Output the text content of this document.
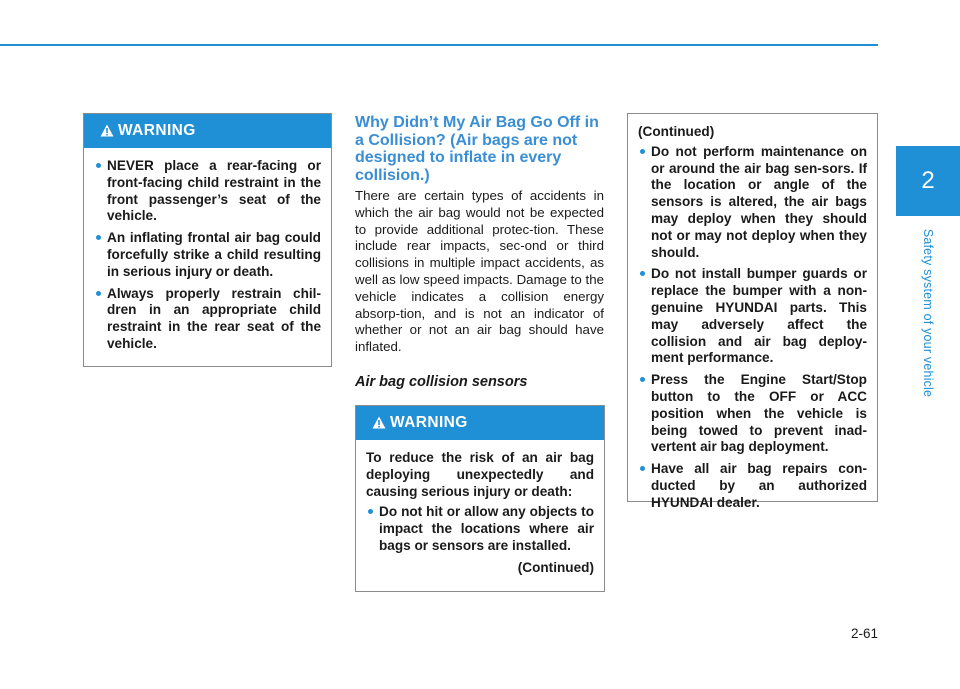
2
Safety system of your vehicle
WARNING
NEVER place a rear-facing or front-facing child restraint in the front passenger’s seat of the vehicle.
An inflating frontal air bag could forcefully strike a child resulting in serious injury or death.
Always properly restrain chil-dren in an appropriate child restraint in the rear seat of the vehicle.
Why Didn’t My Air Bag Go Off in a Collision? (Air bags are not designed to inflate in every collision.)
There are certain types of accidents in which the air bag would not be expected to provide additional protec-tion. These include rear impacts, sec-ond or third collisions in multiple impact accidents, as well as low speed impacts. Damage to the vehicle indicates a collision energy absorp-tion, and is not an indicator of whether or not an air bag should have inflated.
Air bag collision sensors
WARNING
To reduce the risk of an air bag deploying unexpectedly and causing serious injury or death:
Do not hit or allow any objects to impact the locations where air bags or sensors are installed.
(Continued)
(Continued)
Do not perform maintenance on or around the air bag sen-sors. If the location or angle of the sensors is altered, the air bags may deploy when they should not or may not deploy when they should.
Do not install bumper guards or replace the bumper with a non-genuine HYUNDAI parts. This may adversely affect the collision and air bag deploy-ment performance.
Press the Engine Start/Stop button to the OFF or ACC position when the vehicle is being towed to prevent inad-vertent air bag deployment.
Have all air bag repairs con-ducted by an authorized HYUNDAI dealer.
2-61
